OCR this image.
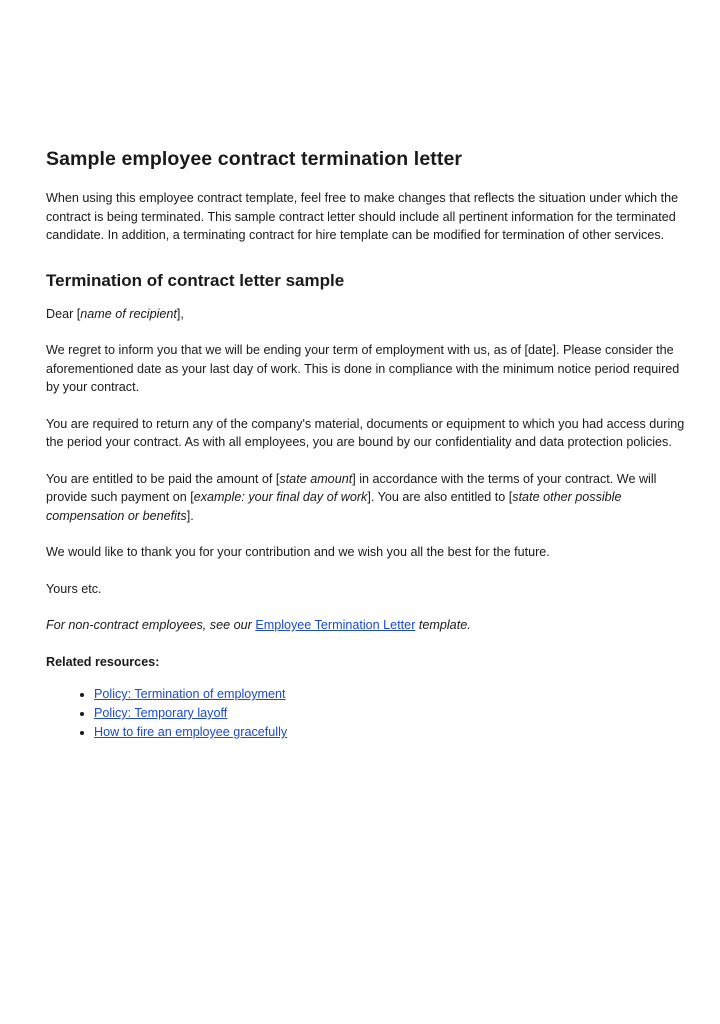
Sample employee contract termination letter

When using this employee contract template, feel free to make changes that reflects the situation under which the contract is being terminated. This sample contract letter should include all pertinent information for the terminated candidate. In addition, a terminating contract for hire template can be modified for termination of other services.

Termination of contract letter sample

Dear [name of recipient],

We regret to inform you that we will be ending your term of employment with us, as of [date]. Please consider the aforementioned date as your last day of work. This is done in compliance with the minimum notice period required by your contract.

You are required to return any of the company's material, documents or equipment to which you had access during the period your contract. As with all employees, you are bound by our confidentiality and data protection policies.

You are entitled to be paid the amount of [state amount] in accordance with the terms of your contract. We will provide such payment on [example: your final day of work]. You are also entitled to [state other possible compensation or benefits].

We would like to thank you for your contribution and we wish you all the best for the future.

Yours etc.

For non-contract employees, see our Employee Termination Letter template.

Related resources:

• Policy: Termination of employment
• Policy: Temporary layoff
• How to fire an employee gracefully
